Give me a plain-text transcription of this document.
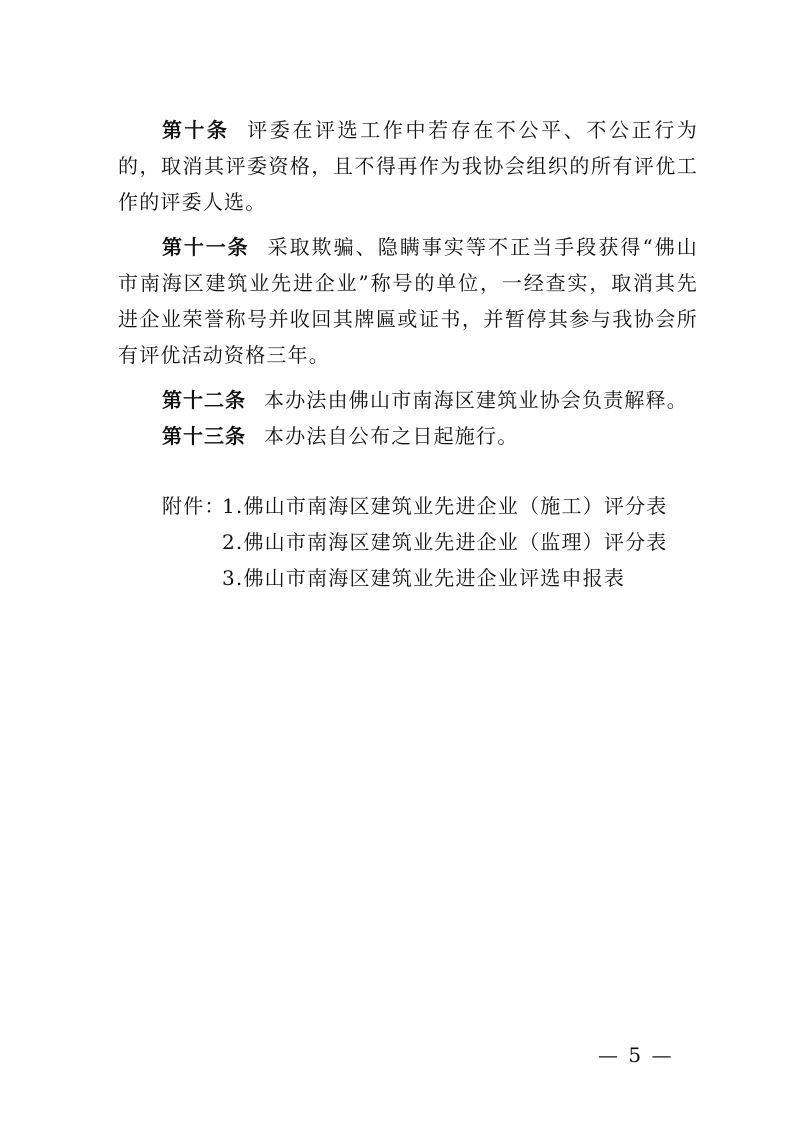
第十条 评委在评选工作中若存在不公平、不公正行为的，取消其评委资格，且不得再作为我协会组织的所有评优工作的评委人选。

第十一条 采取欺骗、隐瞒事实等不正当手段获得“佛山市南海区建筑业先进企业”称号的单位，一经查实，取消其先进企业荣誉称号并收回其牌匾或证书，并暂停其参与我协会所有评优活动资格三年。

第十二条 本办法由佛山市南海区建筑业协会负责解释。

第十三条 本办法自公布之日起施行。

附件：
1.佛山市南海区建筑业先进企业（施工）评分表
2.佛山市南海区建筑业先进企业（监理）评分表
3.佛山市南海区建筑业先进企业评选申报表
— 5 —
